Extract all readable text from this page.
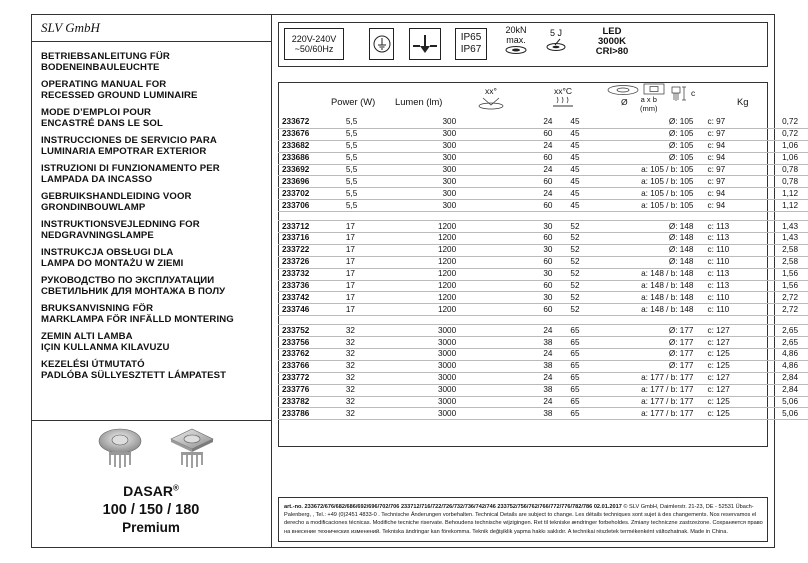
SLV GmbH
BETRIEBSANLEITUNG FÜR
BODENEINBAULEUCHTE
OPERATING MANUAL FOR
RECESSED GROUND LUMINAIRE
MODE D’EMPLOI POUR
ENCASTRÉ DANS LE SOL
INSTRUCCIONES DE SERVICIO PARA
LUMINARIA EMPOTRAR EXTERIOR
ISTRUZIONI DI FUNZIONAMENTO PER
LAMPADA DA INCASSO
GEBRUIKSHANDLEIDING VOOR
GRONDINBOUWLAMP
INSTRUKTIONSVEJLEDNING FOR
NEDGRAVNINGSLAMPE
INSTRUKCJA OBSŁUGI DLA
LAMPA DO MONTAŻU W ZIEMI
РУКОВОДСТВО ПО ЭКСПЛУАТАЦИИ
СВЕТИЛЬНИК ДЛЯ МОНТАЖА В ПОЛУ
BRUKSANVISNING FÖR
MARKLAMPA FÖR INFÄLLD MONTERING
ZEMIN ALTI LAMBA
IÇIN KULLANMA KILAVUZU
KEZELÉSI ÚTMUTATÓ
PADLÓBA SÜLLYESZTETT LÁMPATEST
DASAR®
100 / 150 / 180
Premium
220V-240V
~50/60Hz
IP65
IP67
20kN
max.
5 J	LED
3000K
CRI>80
Power (W) Lumen (lm)
xx°	xx°C
Ø a x b
(mm)
c
Kg
233672	5,5	300	24	45	Ø: 105	c: 97	0,72
233676	5,5	300	60	45	Ø: 105	c: 97	0,72
233682	5,5	300	24	45	Ø: 105	c: 94	1,06
233686	5,5	300	60	45	Ø: 105	c: 94	1,06
233692	5,5	300	24	45	a: 105 / b: 105	c: 97	0,78
233696	5,5	300	60	45	a: 105 / b: 105	c: 97	0,78
233702	5,5	300	24	45	a: 105 / b: 105	c: 94	1,12
233706	5,5	300	60	45	a: 105 / b: 105	c: 94	1,12

233712	17	1200	30	52	Ø: 148	c: 113	1,43
233716	17	1200	60	52	Ø: 148	c: 113	1,43
233722	17	1200	30	52	Ø: 148	c: 110	2,58
233726	17	1200	60	52	Ø: 148	c: 110	2,58
233732	17	1200	30	52	a: 148 / b: 148	c: 113	1,56
233736	17	1200	60	52	a: 148 / b: 148	c: 113	1,56
233742	17	1200	30	52	a: 148 / b: 148	c: 110	2,72
233746	17	1200	60	52	a: 148 / b: 148	c: 110	2,72

233752	32	3000	24	65	Ø: 177	c: 127	2,65
233756	32	3000	38	65	Ø: 177	c: 127	2,65
233762	32	3000	24	65	Ø: 177	c: 125	4,86
233766	32	3000	38	65	Ø: 177	c: 125	4,86
233772	32	3000	24	65	a: 177 / b: 177	c: 127	2,84
233776	32	3000	38	65	a: 177 / b: 177	c: 127	2,84
233782	32	3000	24	65	a: 177 / b: 177	c: 125	5,06
233786	32	3000	38	65	a: 177 / b: 177	c: 125	5,06
art.-no. 233672/676/682/686/692/696/702/706 233712/716/722/726/732/736/742/746 233752/756/762/766/772/776/782/786 02.01.2017 © SLV GmbH, Daimlerstr. 21-23, DE - 52531 Übach-Palenberg, , Tel.: +49 (0)2451 4833-0 . Technische Änderungen vorbehalten. Technical Details are subject to change. Les détails techniques sont sujet à des changements. Nos reservamos el derecho a modificaciones técnicas. Modifiche tecniche riservate. Behoudens technische wijzigingen. Ret til tekniske ændringer forbeholdes. Zmiany techniczne zastrzeżone. Сохраняется право на внесение технических изменений. Tekniska ändringar kan förekomma. Teknik değişiklik yapma hakkı saklıdır. A technikai részletek termékenként változhatnak. Made in China.
